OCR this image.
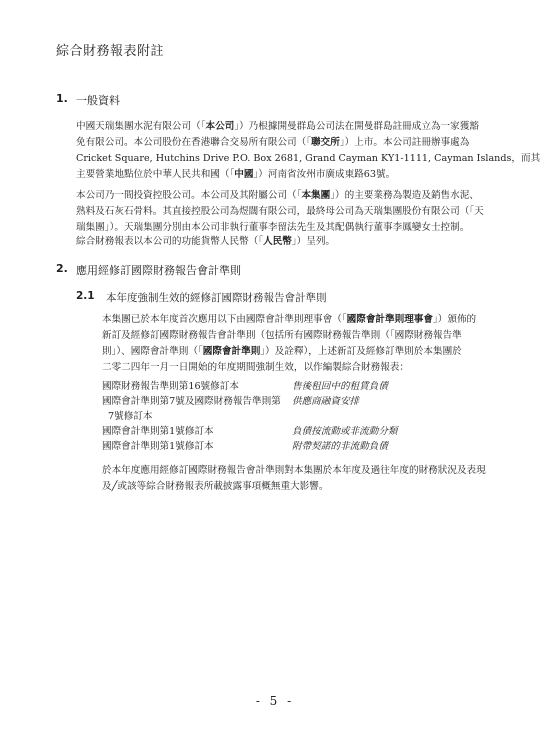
綜合財務報表附註
1. 一般資料
中國天瑞集團水泥有限公司（「本公司」）乃根據開曼群島公司法在開曼群島註冊成立為一家獲豁
免有限公司。本公司股份在香港聯合交易所有限公司（「聯交所」）上市。本公司註冊辦事處為
Cricket Square, Hutchins Drive P.O. Box 2681, Grand Cayman KY1-1111, Cayman Islands，而其
主要營業地點位於中華人民共和國（「中國」）河南省汝州市廣成東路63號。
本公司乃一間投資控股公司。本公司及其附屬公司（「本集團」）的主要業務為製造及銷售水泥、
熟料及石灰石骨料。其直接控股公司為煜闊有限公司，最終母公司為天瑞集團股份有限公司（「天
瑞集團」）。天瑞集團分別由本公司非執行董事李留法先生及其配偶執行董事李鳳孌女士控制。
綜合財務報表以本公司的功能貨幣人民幣（「人民幣」）呈列。
2. 應用經修訂國際財務報告會計準則
2.1 本年度強制生效的經修訂國際財務報告會計準則
本集團已於本年度首次應用以下由國際會計準則理事會（「國際會計準則理事會」）頒佈的
新訂及經修訂國際財務報告會計準則（包括所有國際財務報告準則（「國際財務報告準
則」）、國際會計準則（「國際會計準則」）及詮釋），上述新訂及經修訂準則於本集團於
二零二四年一月一日開始的年度期間強制生效，以作編製綜合財務報表：
國際財務報告準則第16號修訂本	售後租回中的租賃負債
國際會計準則第7號及國際財務報告準則第	供應商融資安排
7號修訂本
國際會計準則第1號修訂本	負債按流動或非流動分類
國際會計準則第1號修訂本	附帶契諾的非流動負債
於本年度應用經修訂國際財務報告會計準則對本集團於本年度及過往年度的財務狀況及表現
及╱或該等綜合財務報表所載披露事項概無重大影響。
- 5 -
